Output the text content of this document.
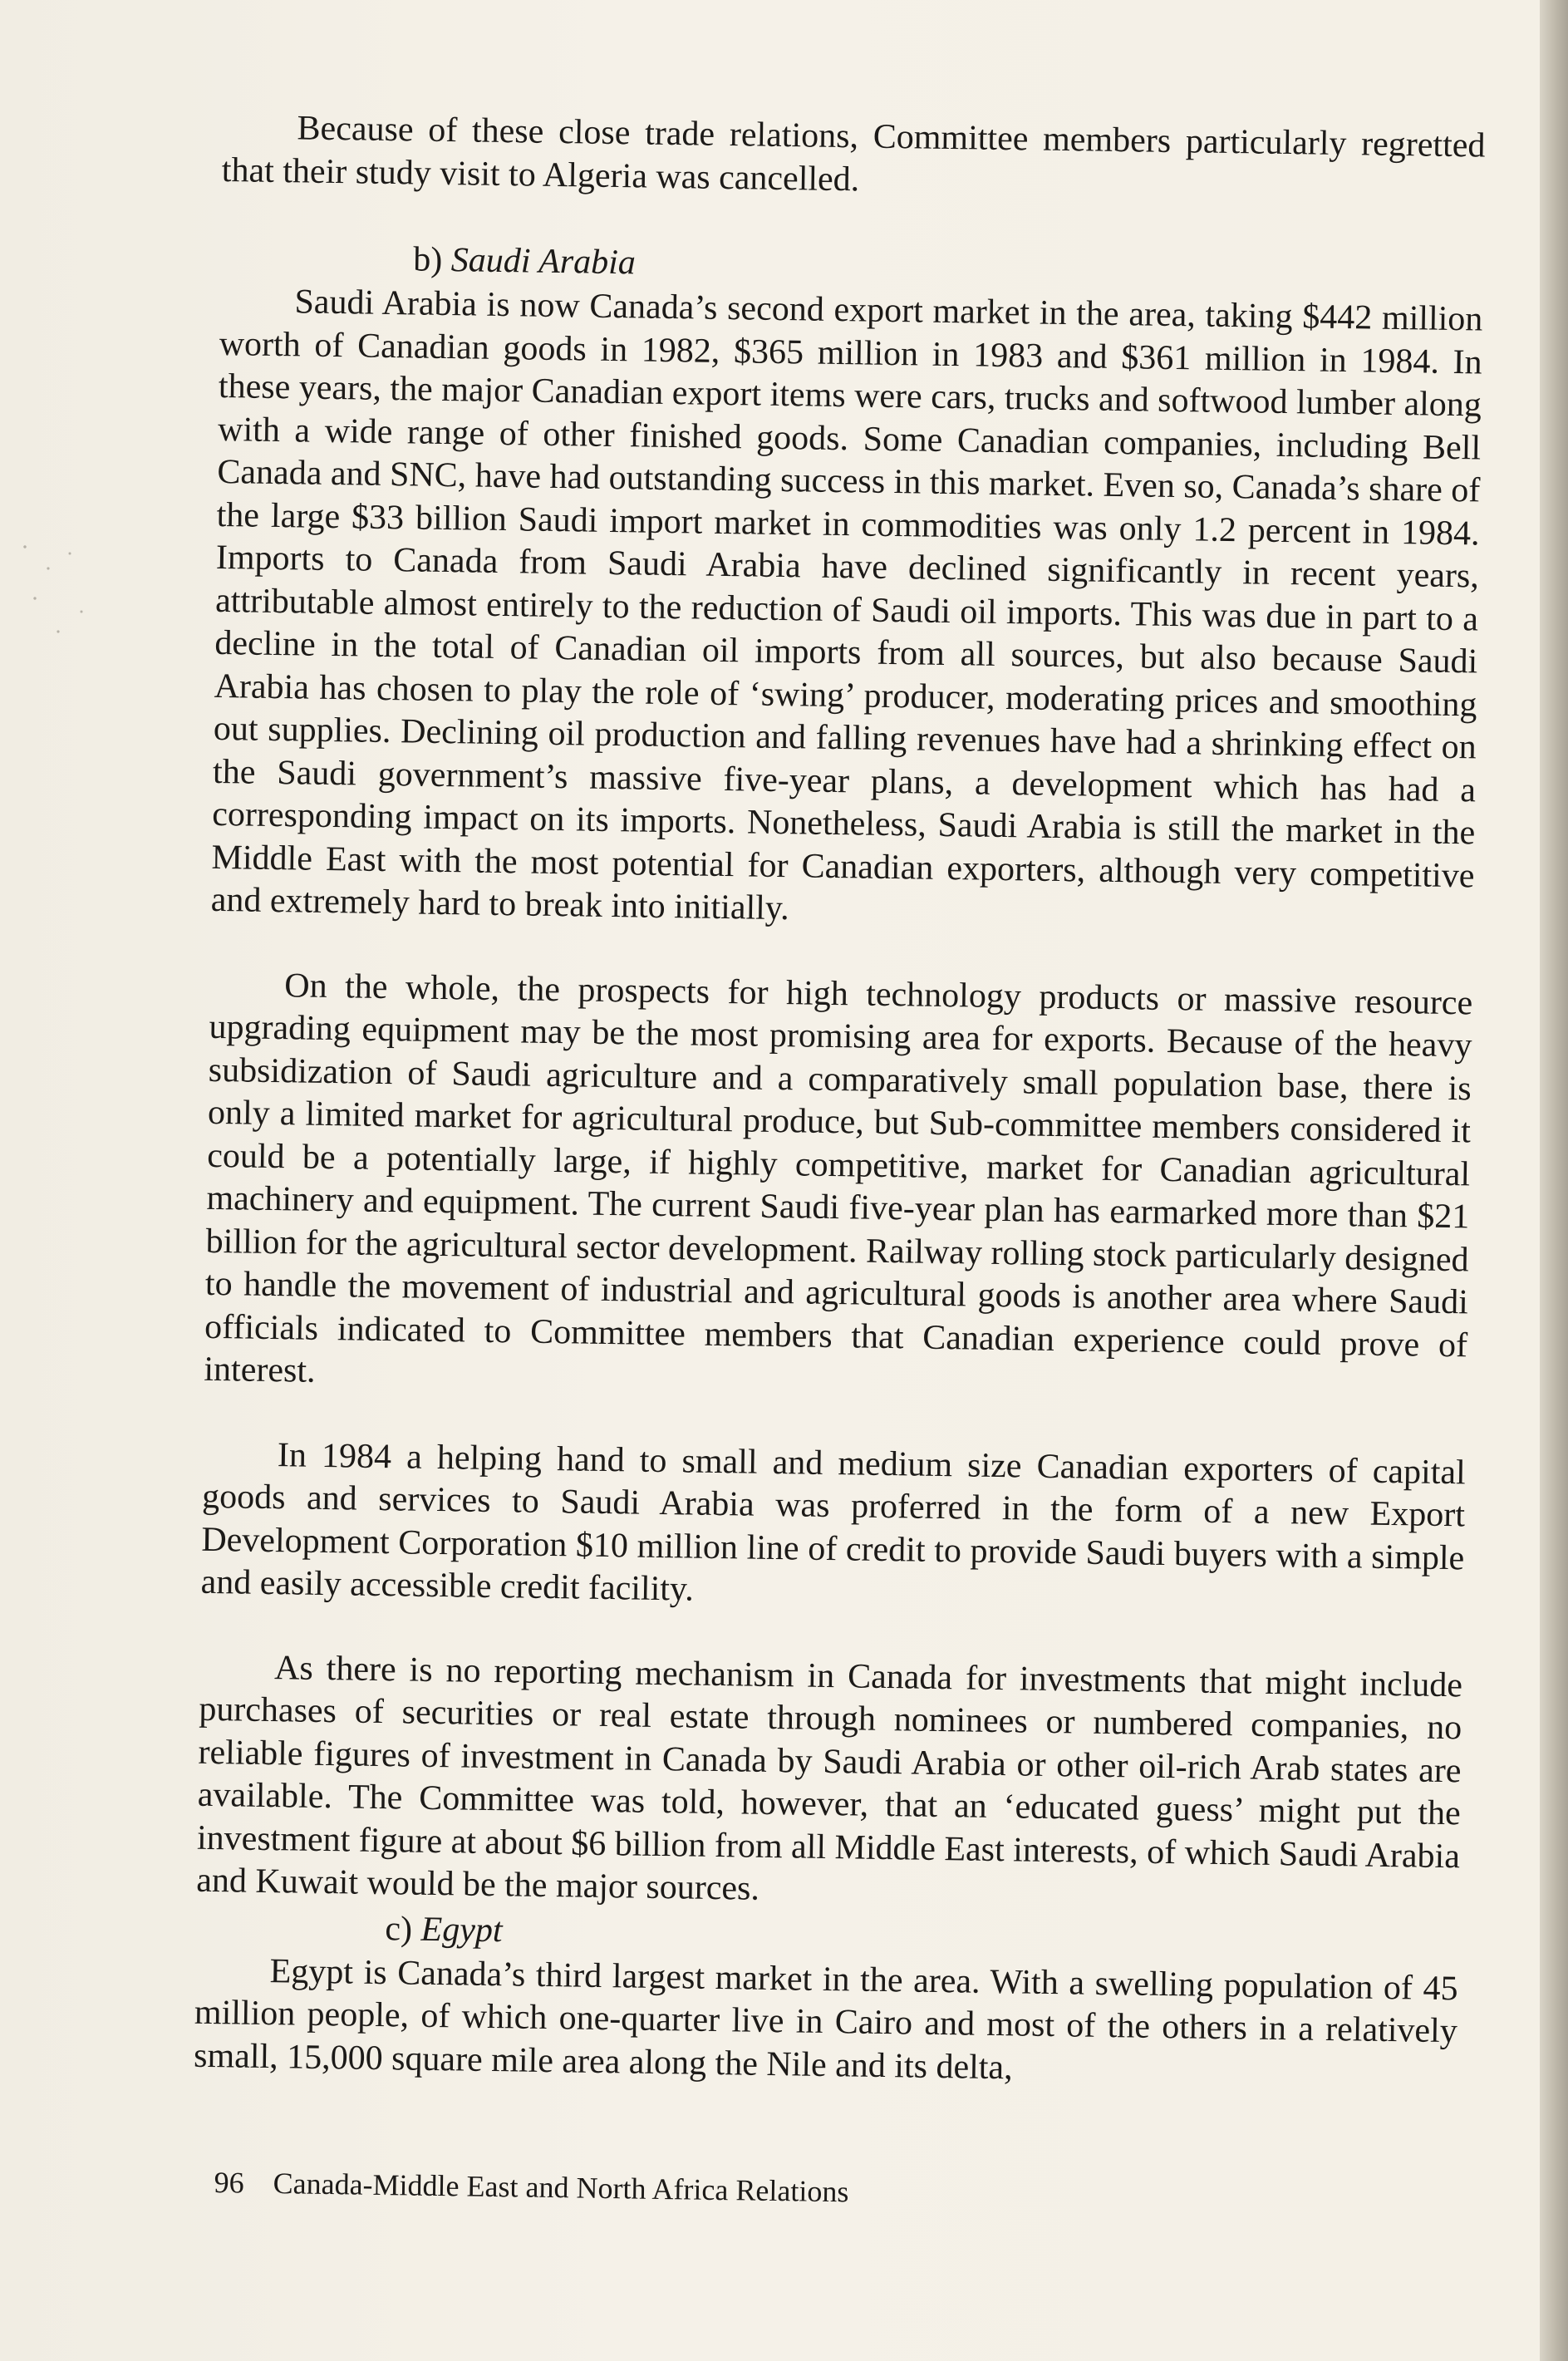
Because of these close trade relations, Committee members particularly regretted that their study visit to Algeria was cancelled.

b) Saudi Arabia

Saudi Arabia is now Canada’s second export market in the area, taking $442 million worth of Canadian goods in 1982, $365 million in 1983 and $361 million in 1984. In these years, the major Canadian export items were cars, trucks and softwood lumber along with a wide range of other finished goods. Some Canadian companies, including Bell Canada and SNC, have had outstanding success in this market. Even so, Canada’s share of the large $33 billion Saudi import market in commodities was only 1.2 percent in 1984. Imports to Canada from Saudi Arabia have declined significantly in recent years, attributable almost entirely to the reduction of Saudi oil imports. This was due in part to a decline in the total of Canadian oil imports from all sources, but also because Saudi Arabia has chosen to play the role of ‘swing’ producer, moderating prices and smoothing out supplies. Declining oil production and falling revenues have had a shrinking effect on the Saudi government’s massive five-year plans, a development which has had a corresponding impact on its imports. Nonetheless, Saudi Arabia is still the market in the Middle East with the most potential for Canadian exporters, although very competitive and extremely hard to break into initially.

On the whole, the prospects for high technology products or massive resource upgrading equipment may be the most promising area for exports. Because of the heavy subsidization of Saudi agriculture and a comparatively small population base, there is only a limited market for agricultural produce, but Sub-committee members considered it could be a potentially large, if highly competitive, market for Canadian agricultural machinery and equipment. The current Saudi five-year plan has earmarked more than $21 billion for the agricultural sector development. Railway rolling stock particularly designed to handle the movement of industrial and agricultural goods is another area where Saudi officials indicated to Committee members that Canadian experience could prove of interest.

In 1984 a helping hand to small and medium size Canadian exporters of capital goods and services to Saudi Arabia was proferred in the form of a new Export Development Corporation $10 million line of credit to provide Saudi buyers with a simple and easily accessible credit facility.

As there is no reporting mechanism in Canada for investments that might include purchases of securities or real estate through nominees or numbered companies, no reliable figures of investment in Canada by Saudi Arabia or other oil-rich Arab states are available. The Committee was told, however, that an ‘educated guess’ might put the investment figure at about $6 billion from all Middle East interests, of which Saudi Arabia and Kuwait would be the major sources.

c) Egypt

Egypt is Canada’s third largest market in the area. With a swelling population of 45 million people, of which one-quarter live in Cairo and most of the others in a relatively small, 15,000 square mile area along the Nile and its delta,

96 Canada-Middle East and North Africa Relations
